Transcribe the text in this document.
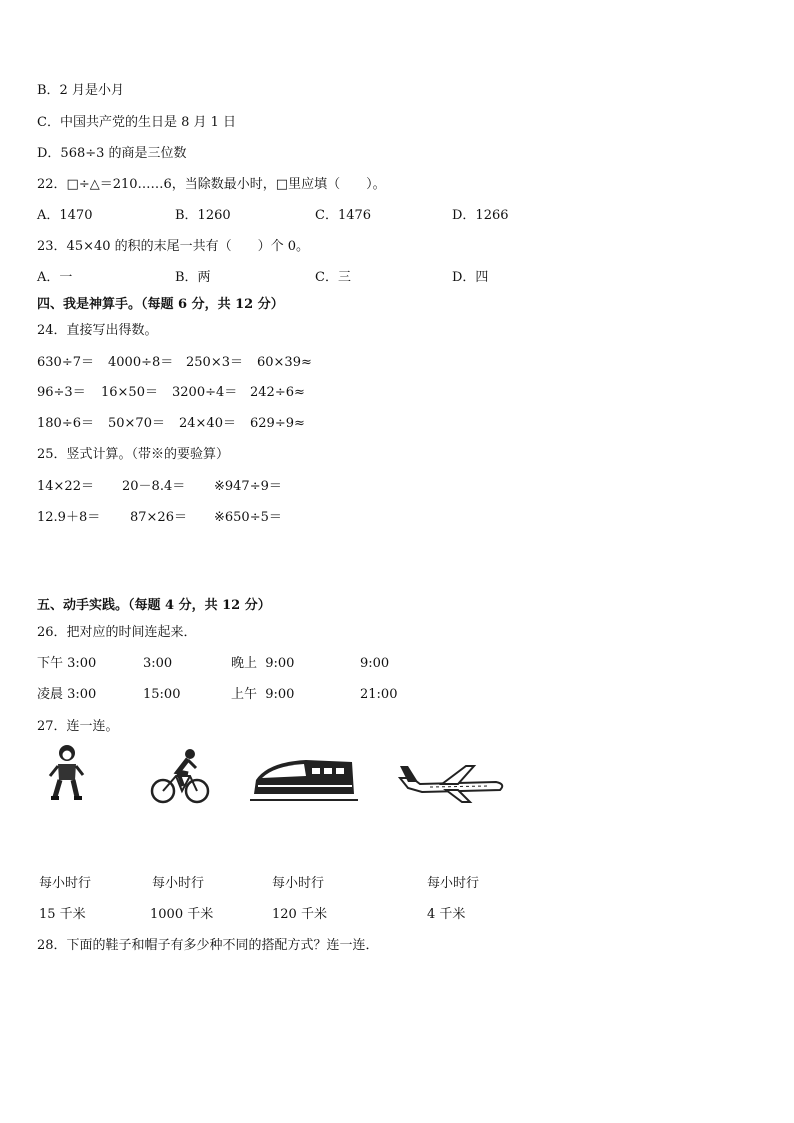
B．2 月是小月
C．中国共产党的生日是 8 月 1 日
D．568÷3 的商是三位数
22．□÷△＝210……6，当除数最小时，□里应填（　　）。
A．1470	B．1260	C．1476	D．1266
23．45×40 的积的末尾一共有（　　）个 0。
A．一	B．两	C．三	D．四
四、我是神算手。（每题 6 分，共 12 分）
24．直接写出得数。
630÷7＝ 4000÷8＝ 250×3＝ 60×39≈
96÷3＝ 16×50＝ 3200÷4＝ 242÷6≈
180÷6＝ 50×70＝ 24×40＝ 629÷9≈
25．竖式计算。（带※的要验算）
14×22＝ 20－8.4＝ ※947÷9＝
12.9＋8＝ 87×26＝ ※650÷5＝
五、动手实践。（每题 4 分，共 12 分）
26．把对应的时间连起来．
下午 3:00	3:00	晚上  9:00	9:00
凌晨 3:00	15:00	上午  9:00	21:00
27．连一连。
每小时行	每小时行	每小时行	每小时行
15 千米	1000 千米	120 千米	4 千米
28．下面的鞋子和帽子有多少种不同的搭配方式？连一连．
